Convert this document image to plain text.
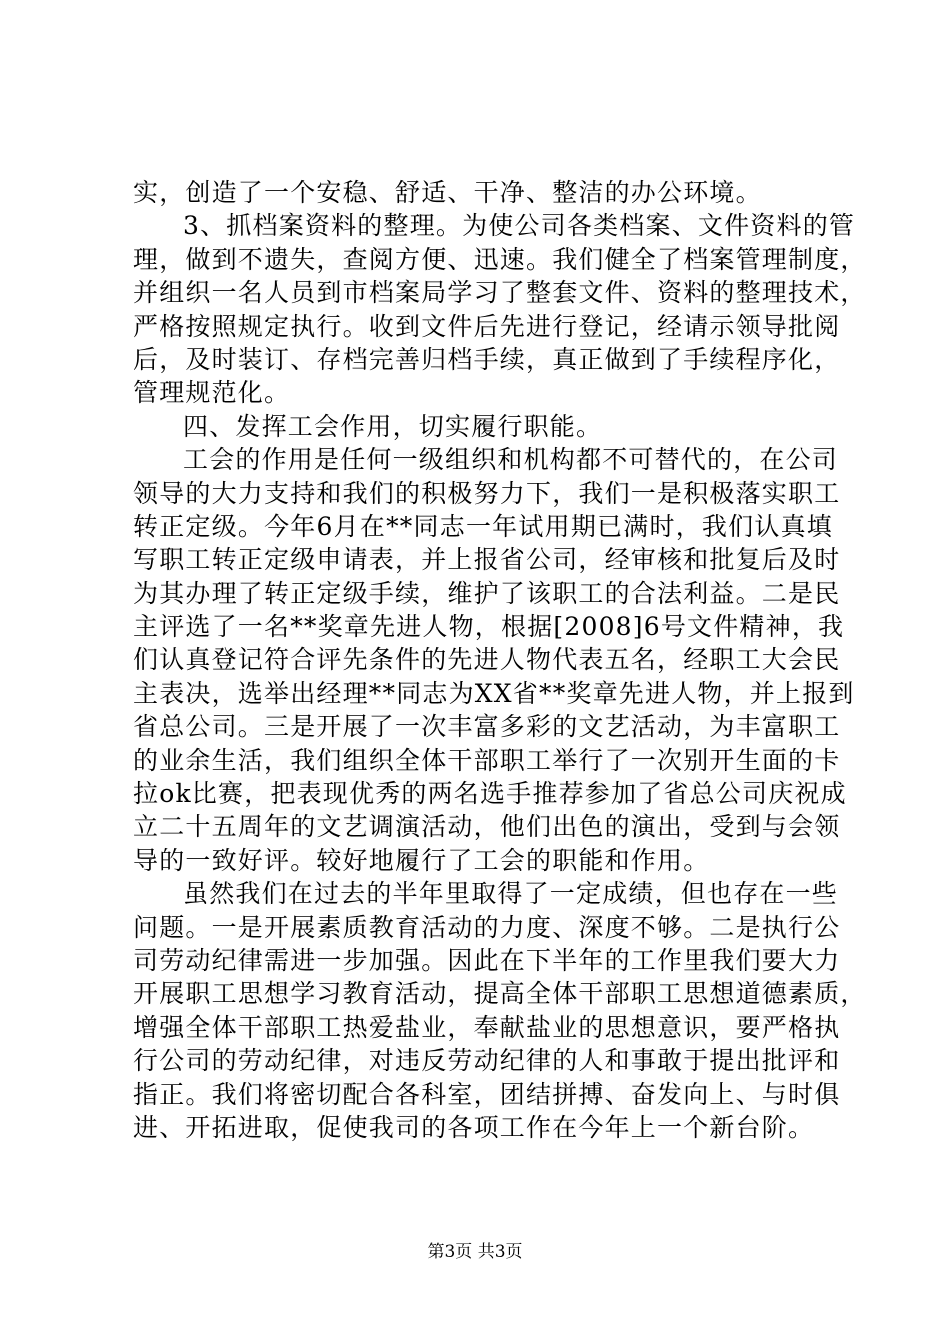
实，创造了一个安稳、舒适、干净、整洁的办公环境。
3、抓档案资料的整理。为使公司各类档案、文件资料的管
理，做到不遗失，查阅方便、迅速。我们健全了档案管理制度，
并组织一名人员到市档案局学习了整套文件、资料的整理技术，
严格按照规定执行。收到文件后先进行登记，经请示领导批阅
后，及时装订、存档完善归档手续，真正做到了手续程序化，
管理规范化。
四、发挥工会作用，切实履行职能。
工会的作用是任何一级组织和机构都不可替代的，在公司
领导的大力支持和我们的积极努力下，我们一是积极落实职工
转正定级。今年6月在**同志一年试用期已满时，我们认真填
写职工转正定级申请表，并上报省公司，经审核和批复后及时
为其办理了转正定级手续，维护了该职工的合法利益。二是民
主评选了一名**奖章先进人物，根据[2008]6号文件精神，我
们认真登记符合评先条件的先进人物代表五名，经职工大会民
主表决，选举出经理**同志为XX省**奖章先进人物，并上报到
省总公司。三是开展了一次丰富多彩的文艺活动，为丰富职工
的业余生活，我们组织全体干部职工举行了一次别开生面的卡
拉ok比赛，把表现优秀的两名选手推荐参加了省总公司庆祝成
立二十五周年的文艺调演活动，他们出色的演出，受到与会领
导的一致好评。较好地履行了工会的职能和作用。
虽然我们在过去的半年里取得了一定成绩，但也存在一些
问题。一是开展素质教育活动的力度、深度不够。二是执行公
司劳动纪律需进一步加强。因此在下半年的工作里我们要大力
开展职工思想学习教育活动，提高全体干部职工思想道德素质，
增强全体干部职工热爱盐业，奉献盐业的思想意识，要严格执
行公司的劳动纪律，对违反劳动纪律的人和事敢于提出批评和
指正。我们将密切配合各科室，团结拼搏、奋发向上、与时俱
进、开拓进取，促使我司的各项工作在今年上一个新台阶。
第3页 共3页
